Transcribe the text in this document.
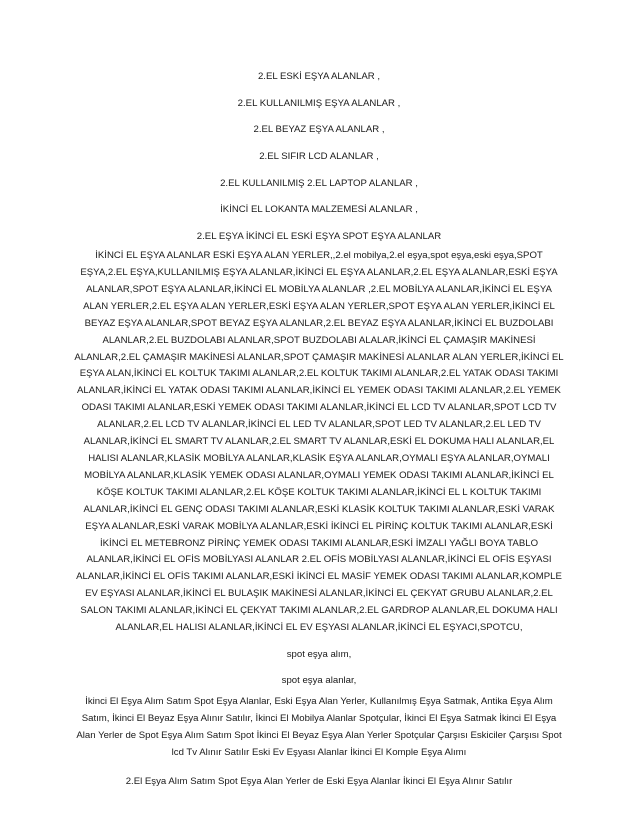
2.EL ESKİ EŞYA ALANLAR ,
2.EL KULLANILMIŞ EŞYA ALANLAR ,
2.EL BEYAZ EŞYA ALANLAR ,
2.EL SIFIR LCD ALANLAR ,
2.EL KULLANILMIŞ 2.EL LAPTOP ALANLAR ,
İKİNCİ EL LOKANTA MALZEMESİ ALANLAR ,
2.EL EŞYA İKİNCİ EL ESKİ EŞYA SPOT EŞYA ALANLAR

İKİNCİ EL EŞYA ALANLAR ESKİ EŞYA ALAN YERLER,,2.el mobilya,2.el eşya,spot eşya,eski eşya,SPOT EŞYA,2.EL EŞYA,KULLANILMIŞ EŞYA ALANLAR,İKİNCİ EL EŞYA ALANLAR,2.EL EŞYA ALANLAR,ESKİ EŞYA ALANLAR,SPOT EŞYA ALANLAR,İKİNCİ EL MOBİLYA ALANLAR ,2.EL MOBİLYA ALANLAR,İKİNCİ EL EŞYA ALAN YERLER,2.EL EŞYA ALAN YERLER,ESKİ EŞYA ALAN YERLER,SPOT EŞYA ALAN YERLER,İKİNCİ EL BEYAZ EŞYA ALANLAR,SPOT BEYAZ EŞYA ALANLAR,2.EL BEYAZ EŞYA ALANLAR,İKİNCİ EL BUZDOLABI ALANLAR,2.EL BUZDOLABI ALANLAR,SPOT BUZDOLABI ALALAR,İKİNCİ EL ÇAMAŞIR MAKİNESİ ALANLAR,2.EL ÇAMAŞIR MAKİNESİ ALANLAR,SPOT ÇAMAŞIR MAKİNESİ ALANLAR ALAN YERLER,İKİNCİ EL EŞYA ALAN,İKİNCİ EL KOLTUK TAKIMI ALANLAR,2.EL KOLTUK TAKIMI ALANLAR,2.EL YATAK ODASI TAKIMI ALANLAR,İKİNCİ EL YATAK ODASI TAKIMI ALANLAR,İKİNCİ EL YEMEK ODASI TAKIMI ALANLAR,2.EL YEMEK ODASI TAKIMI ALANLAR,ESKİ YEMEK ODASI TAKIMI ALANLAR,İKİNCİ EL LCD TV ALANLAR,SPOT LCD TV ALANLAR,2.EL LCD TV ALANLAR,İKİNCİ EL LED TV ALANLAR,SPOT LED TV ALANLAR,2.EL LED TV ALANLAR,İKİNCİ EL SMART TV ALANLAR,2.EL SMART TV ALANLAR,ESKİ EL DOKUMA HALI ALANLAR,EL HALISI ALANLAR,KLASİK MOBİLYA ALANLAR,KLASİK EŞYA ALANLAR,OYMALI EŞYA ALANLAR,OYMALI MOBİLYA ALANLAR,KLASİK YEMEK ODASI ALANLAR,OYMALI YEMEK ODASI TAKIMI ALANLAR,İKİNCİ EL KÖŞE KOLTUK TAKIMI ALANLAR,2.EL KÖŞE KOLTUK TAKIMI ALANLAR,İKİNCİ EL L KOLTUK TAKIMI ALANLAR,İKİNCİ EL GENÇ ODASI TAKIMI ALANLAR,ESKİ KLASİK KOLTUK TAKIMI ALANLAR,ESKİ VARAK EŞYA ALANLAR,ESKİ VARAK MOBİLYA ALANLAR,ESKİ İKİNCİ EL PİRİNÇ KOLTUK TAKIMI ALANLAR,ESKİ İKİNCİ EL METEBRONZ PİRİNÇ YEMEK ODASI TAKIMI ALANLAR,ESKİ İMZALI YAĞLI BOYA TABLO ALANLAR,İKİNCİ EL OFİS MOBİLYASI ALANLAR 2.EL OFİS MOBİLYASI ALANLAR,İKİNCİ EL OFİS EŞYASI ALANLAR,İKİNCİ EL OFİS TAKIMI ALANLAR,ESKİ İKİNCİ EL MASİF YEMEK ODASI TAKIMI ALANLAR,KOMPLE EV EŞYASI ALANLAR,İKİNCİ EL BULAŞIK MAKİNESİ ALANLAR,İKİNCİ EL ÇEKYAT GRUBU ALANLAR,2.EL SALON TAKIMI ALANLAR,İKİNCİ EL ÇEKYAT TAKIMI ALANLAR,2.EL GARDROP ALANLAR,EL DOKUMA HALI ALANLAR,EL HALISI ALANLAR,İKİNCİ EL EV EŞYASI ALANLAR,İKİNCİ EL EŞYACI,SPOTCU,

spot eşya alım,

spot eşya alanlar,

İkinci El Eşya Alım Satım Spot Eşya Alanlar, Eski Eşya Alan Yerler, Kullanılmış Eşya Satmak, Antika Eşya Alım Satım, İkinci El Beyaz Eşya Alınır Satılır, İkinci El Mobilya Alanlar Spotçular, İkinci El Eşya Satmak İkinci El Eşya Alan Yerler de Spot Eşya Alım Satım Spot İkinci El Beyaz Eşya Alan Yerler Spotçular Çarşısı Eskiciler Çarşısı Spot lcd Tv Alınır Satılır Eski Ev Eşyası Alanlar İkinci El Komple Eşya Alımı

2.El Eşya Alım Satım Spot Eşya Alan Yerler de Eski Eşya Alanlar İkinci El Eşya Alınır Satılır
